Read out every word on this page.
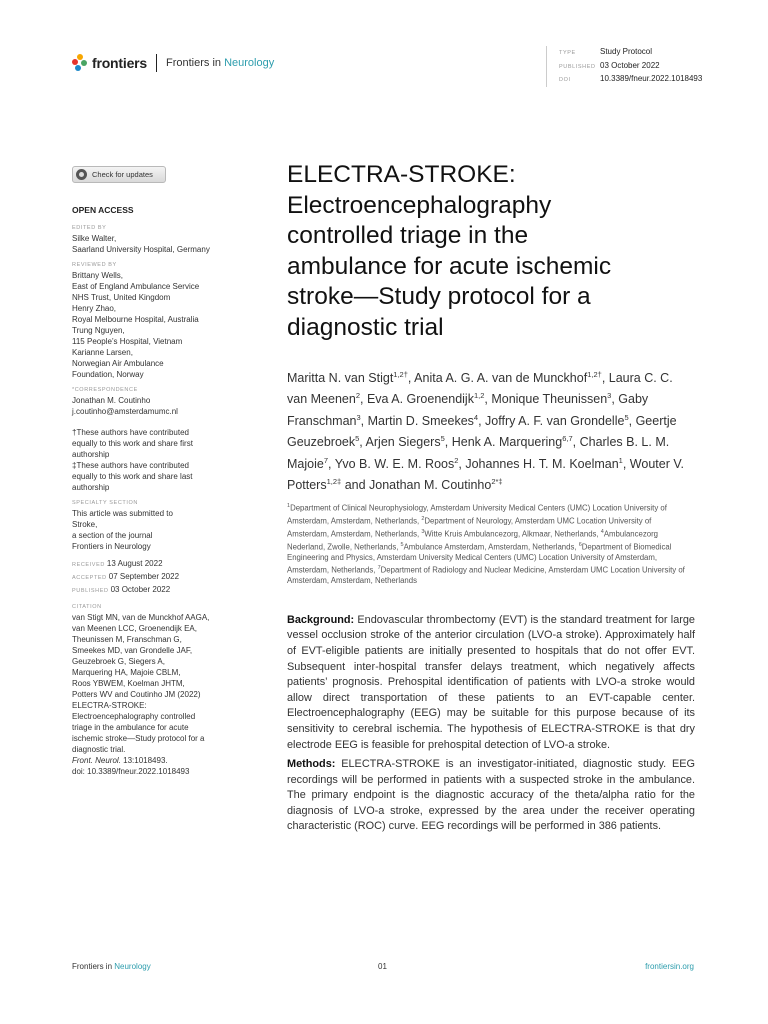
frontiers Frontiers in Neurology
TYPE	Study Protocol
PUBLISHED 03 October 2022
DOI	10.3389/fneur.2022.1018493
Check for updates
OPEN ACCESS
EDITED BY
Silke Walter,
Saarland University Hospital, Germany
REVIEWED BY
Brittany Wells,
East of England Ambulance Service
NHS Trust, United Kingdom
Henry Zhao,
Royal Melbourne Hospital, Australia
Trung Nguyen,
115 People’s Hospital, Vietnam
Karianne Larsen,
Norwegian Air Ambulance
Foundation, Norway
*CORRESPONDENCE
Jonathan M. Coutinho
j.coutinho@amsterdamumc.nl
†These authors have contributed
equally to this work and share first
authorship
‡These authors have contributed
equally to this work and share last
authorship
SPECIALTY SECTION
This article was submitted to
Stroke,
a section of the journal
Frontiers in Neurology
RECEIVED 13 August 2022
ACCEPTED 07 September 2022
PUBLISHED 03 October 2022
CITATION
van Stigt MN, van de Munckhof AAGA,
van Meenen LCC, Groenendijk EA,
Theunissen M, Franschman G,
Smeekes MD, van Grondelle JAF,
Geuzebroek G, Siegers A,
Marquering HA, Majoie CBLM,
Roos YBWEM, Koelman JHTM,
Potters WV and Coutinho JM (2022)
ELECTRA-STROKE:
Electroencephalography controlled
triage in the ambulance for acute
ischemic stroke—Study protocol for a
diagnostic trial.
Front. Neurol. 13:1018493.
doi: 10.3389/fneur.2022.1018493
ELECTRA-STROKE:
Electroencephalography
controlled triage in the
ambulance for acute ischemic
stroke—Study protocol for a
diagnostic trial
Maritta N. van Stigt$^{1,2\dagger}$, Anita A. G. A. van de Munckhof$^{1,2\dagger}$, Laura C. C. van Meenen$^2$, Eva A. Groenendijk$^{1,2}$, Monique Theunissen$^3$, Gaby Franschman$^3$, Martin D. Smeekes$^4$, Joffry A. F. van Grondelle$^5$, Geertje Geuzebroek$^5$, Arjen Siegers$^5$, Henk A. Marquering$^{6,7}$, Charles B. L. M. Majoie$^7$, Yvo B. W. E. M. Roos$^2$, Johannes H. T. M. Koelman$^1$, Wouter V. Potters$^{1,2\ddagger}$ and Jonathan M. Coutinho$^{2*\ddagger}$
$^1$Department of Clinical Neurophysiology, Amsterdam University Medical Centers (UMC) Location University of Amsterdam, Amsterdam, Netherlands, $^2$Department of Neurology, Amsterdam UMC Location University of Amsterdam, Amsterdam, Netherlands, $^3$Witte Kruis Ambulancezorg, Alkmaar, Netherlands, $^4$Ambulancezorg Nederland, Zwolle, Netherlands, $^5$Ambulance Amsterdam, Amsterdam, Netherlands, $^6$Department of Biomedical Engineering and Physics, Amsterdam University Medical Centers (UMC) Location University of Amsterdam, Amsterdam, Netherlands, $^7$Department of Radiology and Nuclear Medicine, Amsterdam UMC Location University of Amsterdam, Amsterdam, Netherlands

Background: Endovascular thrombectomy (EVT) is the standard treatment for large vessel occlusion stroke of the anterior circulation (LVO-a stroke). Approximately half of EVT-eligible patients are initially presented to hospitals that do not offer EVT. Subsequent inter-hospital transfer delays treatment, which negatively affects patients’ prognosis. Prehospital identification of patients with LVO-a stroke would allow direct transportation of these patients to an EVT-capable center. Electroencephalography (EEG) may be suitable for this purpose because of its sensitivity to cerebral ischemia. The hypothesis of ELECTRA-STROKE is that dry electrode EEG is feasible for prehospital detection of LVO-a stroke.

Methods: ELECTRA-STROKE is an investigator-initiated, diagnostic study. EEG recordings will be performed in patients with a suspected stroke in the ambulance. The primary endpoint is the diagnostic accuracy of the theta/alpha ratio for the diagnosis of LVO-a stroke, expressed by the area under the receiver operating characteristic (ROC) curve. EEG recordings will be performed in 386 patients.

Frontiers in Neurology	01	frontiersin.org
